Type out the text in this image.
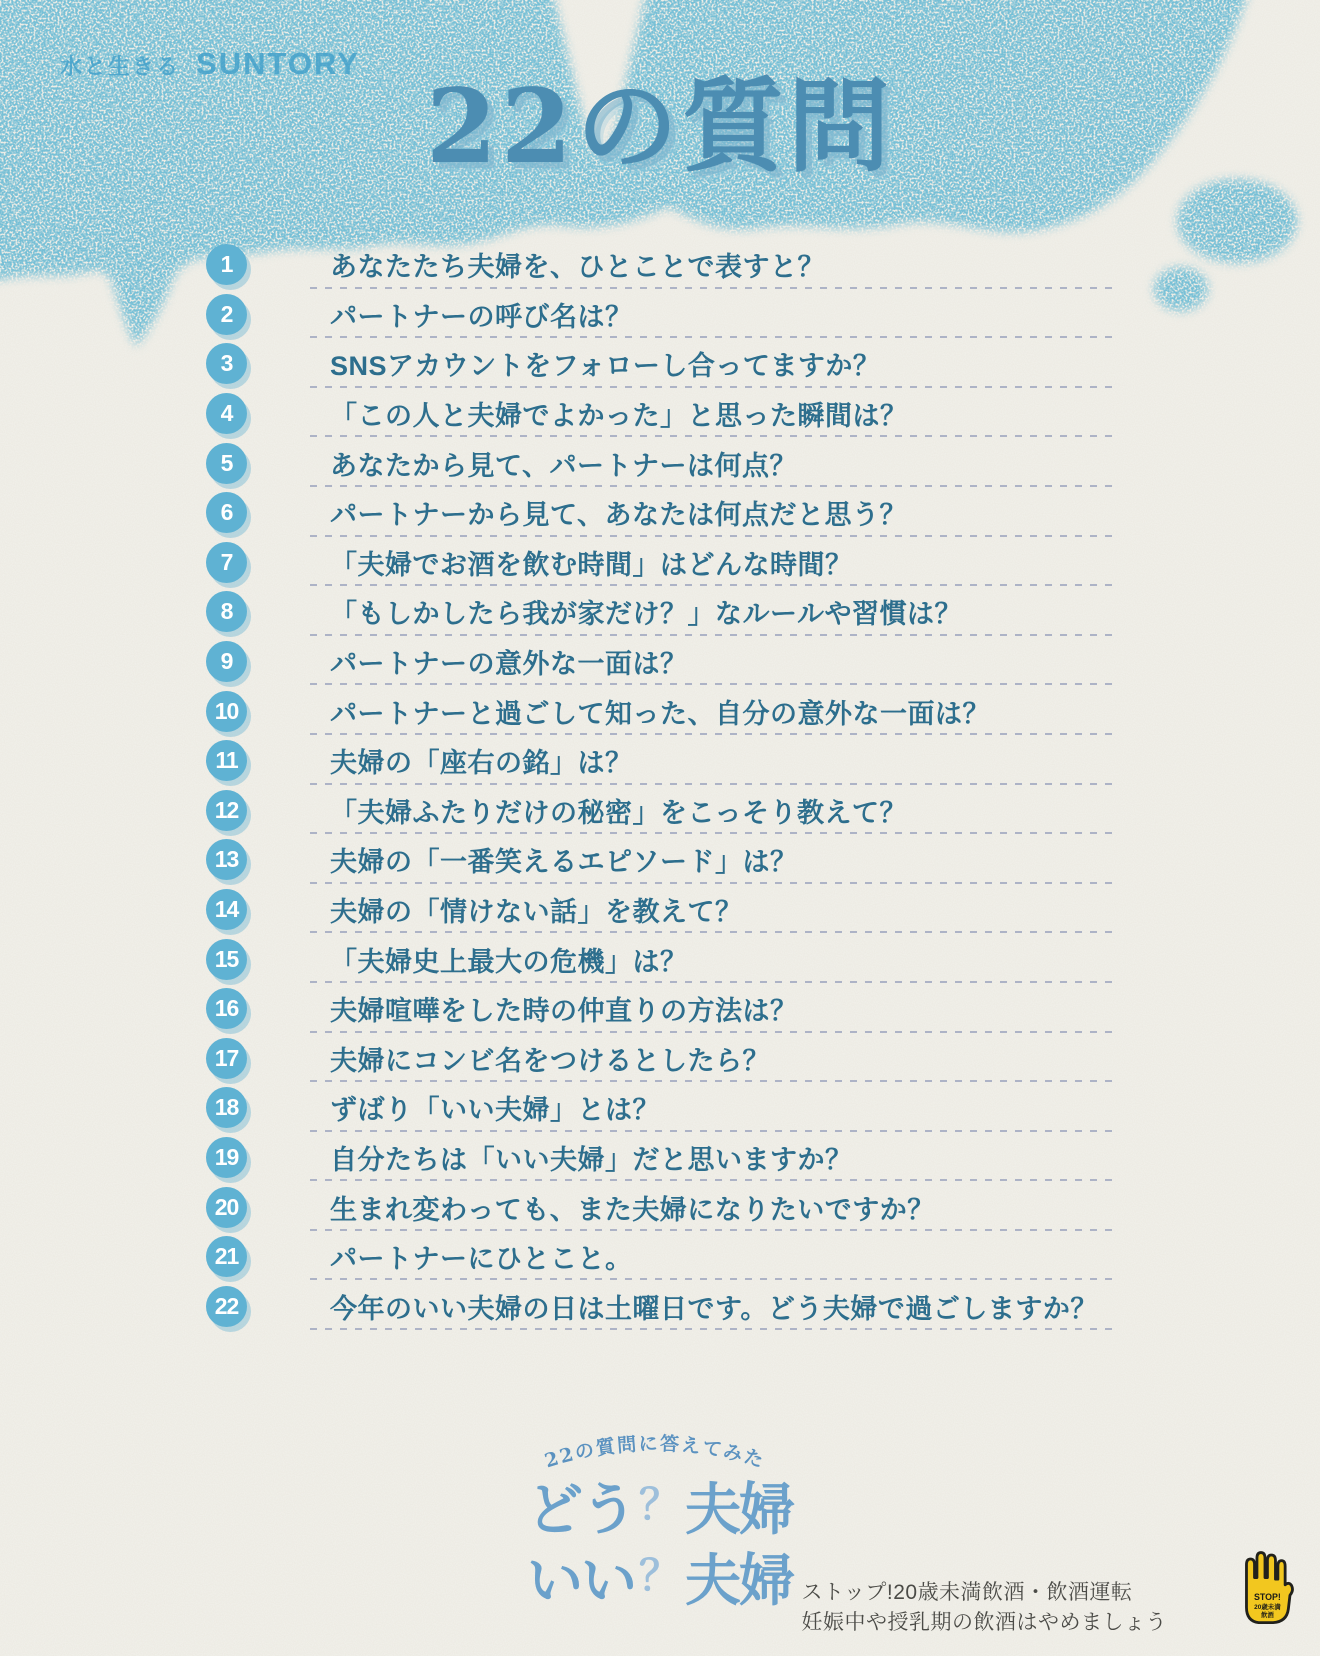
水と生きる SUNTORY
22の質問
1	あなたたち夫婦を、ひとことで表すと？
2	パートナーの呼び名は？
3	SNSアカウントをフォローし合ってますか？
4	「この人と夫婦でよかった」と思った瞬間は？
5	あなたから見て、パートナーは何点？
6	パートナーから見て、あなたは何点だと思う？
7	「夫婦でお酒を飲む時間」はどんな時間？
8	「もしかしたら我が家だけ？」なルールや習慣は？
9	パートナーの意外な一面は？
10	パートナーと過ごして知った、自分の意外な一面は？
11	夫婦の「座右の銘」は？
12	「夫婦ふたりだけの秘密」をこっそり教えて？
13	夫婦の「一番笑えるエピソード」は？
14	夫婦の「情けない話」を教えて？
15	「夫婦史上最大の危機」は？
16	夫婦喧嘩をした時の仲直りの方法は？
17	夫婦にコンビ名をつけるとしたら？
18	ずばり「いい夫婦」とは？
19	自分たちは「いい夫婦」だと思いますか？
20	生まれ変わっても、また夫婦になりたいですか？
21	パートナーにひとこと。
22	今年のいい夫婦の日は土曜日です。どう夫婦で過ごしますか？
22の質問に答えてみた
どう？夫婦
いい？夫婦 ストップ!20歳未満飲酒・飲酒運転

妊娠中や授乳期の飲酒はやめましょう

STOP!
20歳未満
飲酒
